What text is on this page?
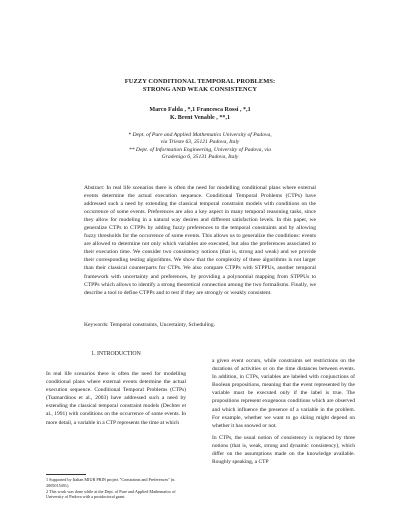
FUZZY CONDITIONAL TEMPORAL PROBLEMS:
STRONG AND WEAK CONSISTENCY
Marco Falda , *,1 Francesca Rossi , *,1
K. Brent Venable , **,1
* Dept. of Pure and Applied Mathematics University of Padova,
via Trieste 63, 35121 Padova, Italy
** Dept. of Information Engineering, University of Padova, via
Gradenigo 6, 35131 Padova, Italy
Abstract: In real life scenarios there is often the need for modelling conditional plans where external events determine the actual execution sequence. Conditional Temporal Problems (CTPs) have addressed such a need by extending the classical temporal constraint models with conditions on the occurrence of some events. Preferences are also a key aspect in many temporal reasoning tasks, since they allow for modeling in a natural way desires and different satisfaction levels. In this paper, we generalize CTPs to CTPPs by adding fuzzy preferences to the temporal constraints and by allowing fuzzy thresholds for the occurrence of some events. This allows us to generalize the conditions: events are allowed to determine not only which variables are executed, but also the preferences associated to their execution time. We consider two consistency notions (that is, strong and weak) and we provide their corresponding testing algorithms. We show that the complexity of these algorithms is not larger than their classical counterparts for CTPs. We also compare CTPPs with STPPUs, another temporal framework with uncertainty and preferences, by providing a polynomial mapping from STPPUs to CTPPs which allows to identify a strong theoretical connection among the two formalisms. Finally, we describe a tool to define CTPPs and to test if they are strongly or weakly consistent.
Keywords: Temporal constraints, Uncertainty, Scheduling.
1. INTRODUCTION
In real life scenarios there is often the need for modelling conditional plans where external events determine the actual execution sequence. Conditional Temporal Problems (CTPs) (Tsamardinos et al., 2003) have addressed such a need by extending the classical temporal constraint models (Dechter et al., 1991) with conditions on the occurrence of some events. In more detail, a variable in a CTP represents the time at which

a given event occurs, while constraints set restrictions on the durations of activities or on the time distances between events. In addition, in CTPs, variables are labeled with conjunctions of Boolean propositions, meaning that the event represented by the variable must be executed only if the label is true. The propositions represent exogenous conditions which are observed and which influence the presence of a variable in the problem. For example, whether we want to go skiing might depend on whether it has snowed or not.

In CTPs, the usual notion of consistency is replaced by three notions (that is, weak, strong and dynamic consistency), which differ on the assumptions made on the knowledge available. Roughly speaking, a CTP

1 Supported by Italian MIUR PRIN project "Constraints and Preferences" (n. 2005015491).
2 This work was done while at the Dept. of Pure and Applied Mathematics of University of Padova with a postdoctoral grant.
